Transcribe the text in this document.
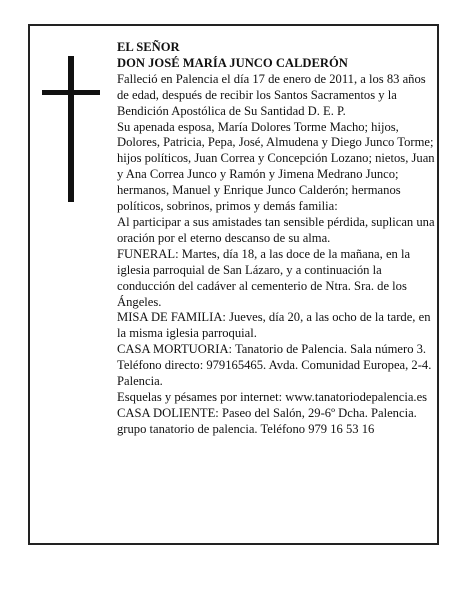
EL SEÑOR

DON JOSÉ MARÍA JUNCO CALDERÓN

Falleció en Palencia el día 17 de enero de 2011, a los 83 años de edad, después de recibir los Santos Sacramentos y la Bendición Apostólica de Su Santidad D. E. P.

Su apenada esposa, María Dolores Torme Macho; hijos, Dolores, Patricia, Pepa, José, Almudena y Diego Junco Torme; hijos políticos, Juan Correa y Concepción Lozano; nietos, Juan y Ana Correa Junco y Ramón y Jimena Medrano Junco; hermanos, Manuel y Enrique Junco Calderón; hermanos políticos, sobrinos, primos y demás familia:

Al participar a sus amistades tan sensible pérdida, suplican una oración por el eterno descanso de su alma.

FUNERAL: Martes, día 18, a las doce de la mañana, en la iglesia parroquial de San Lázaro, y a continuación la conducción del cadáver al cementerio de Ntra. Sra. de los Ángeles.

MISA DE FAMILIA: Jueves, día 20, a las ocho de la tarde, en la misma iglesia parroquial.

CASA MORTUORIA: Tanatorio de Palencia. Sala número 3. Teléfono directo: 979165465. Avda. Comunidad Europea, 2-4. Palencia.

Esquelas y pésames por internet: www.tanatoriodepalencia.es

CASA DOLIENTE: Paseo del Salón, 29-6º Dcha. Palencia.

grupo tanatorio de palencia. Teléfono 979 16 53 16
